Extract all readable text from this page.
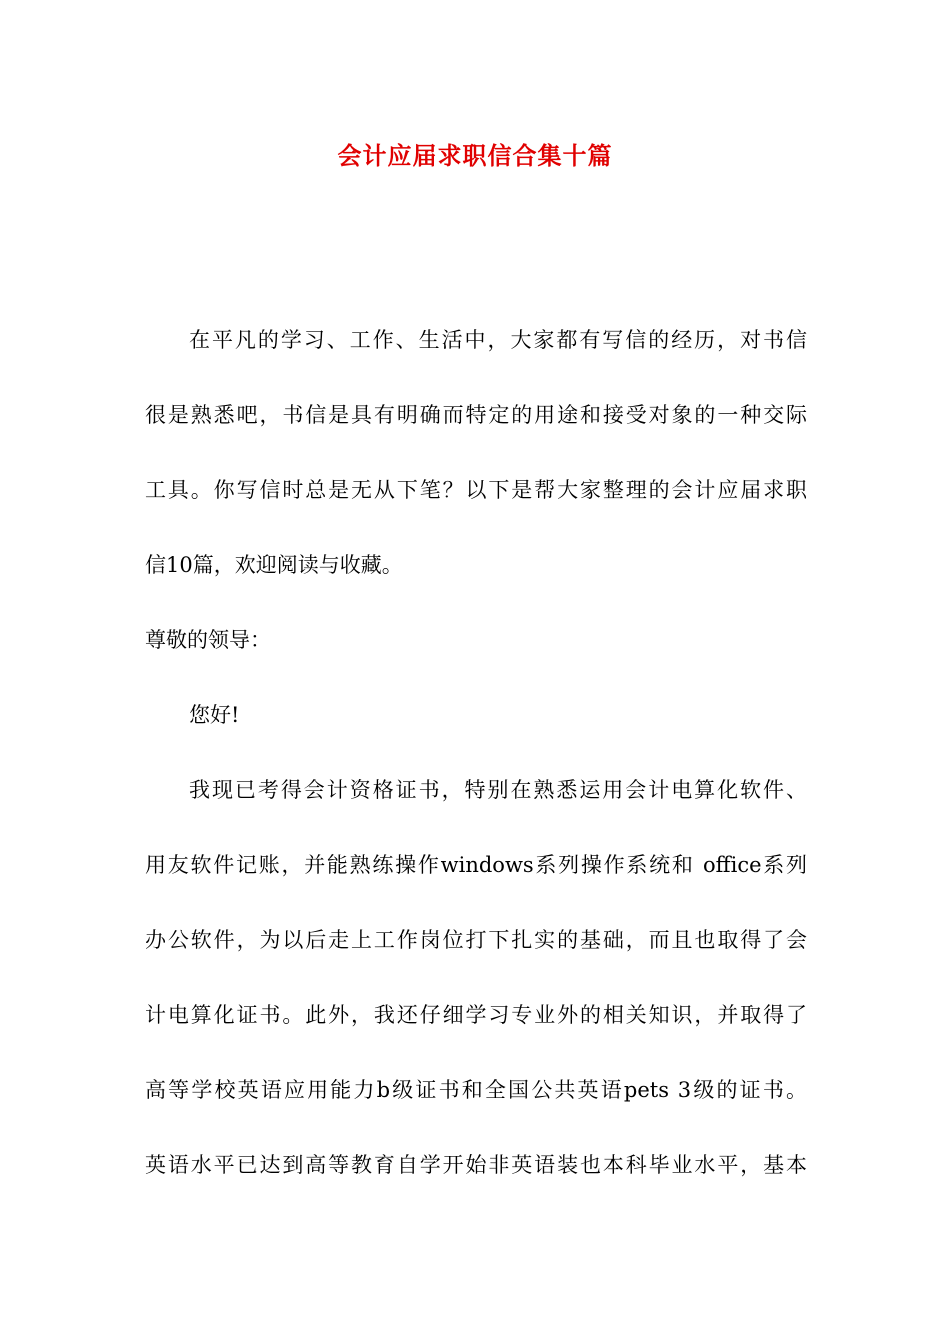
会计应届求职信合集十篇

在平凡的学习、工作、生活中，大家都有写信的经历，对书信

很是熟悉吧，书信是具有明确而特定的用途和接受对象的一种交际

工具。你写信时总是无从下笔？以下是帮大家整理的会计应届求职

信10篇，欢迎阅读与收藏。

尊敬的领导：

您好!

我现已考得会计资格证书，特别在熟悉运用会计电算化软件、

用友软件记账，并能熟练操作windows系列操作系统和 office系列

办公软件，为以后走上工作岗位打下扎实的基础，而且也取得了会

计电算化证书。此外，我还仔细学习专业外的相关知识，并取得了

高等学校英语应用能力b级证书和全国公共英语pets 3级的证书。

英语水平已达到高等教育自学开始非英语装也本科毕业水平，基本
